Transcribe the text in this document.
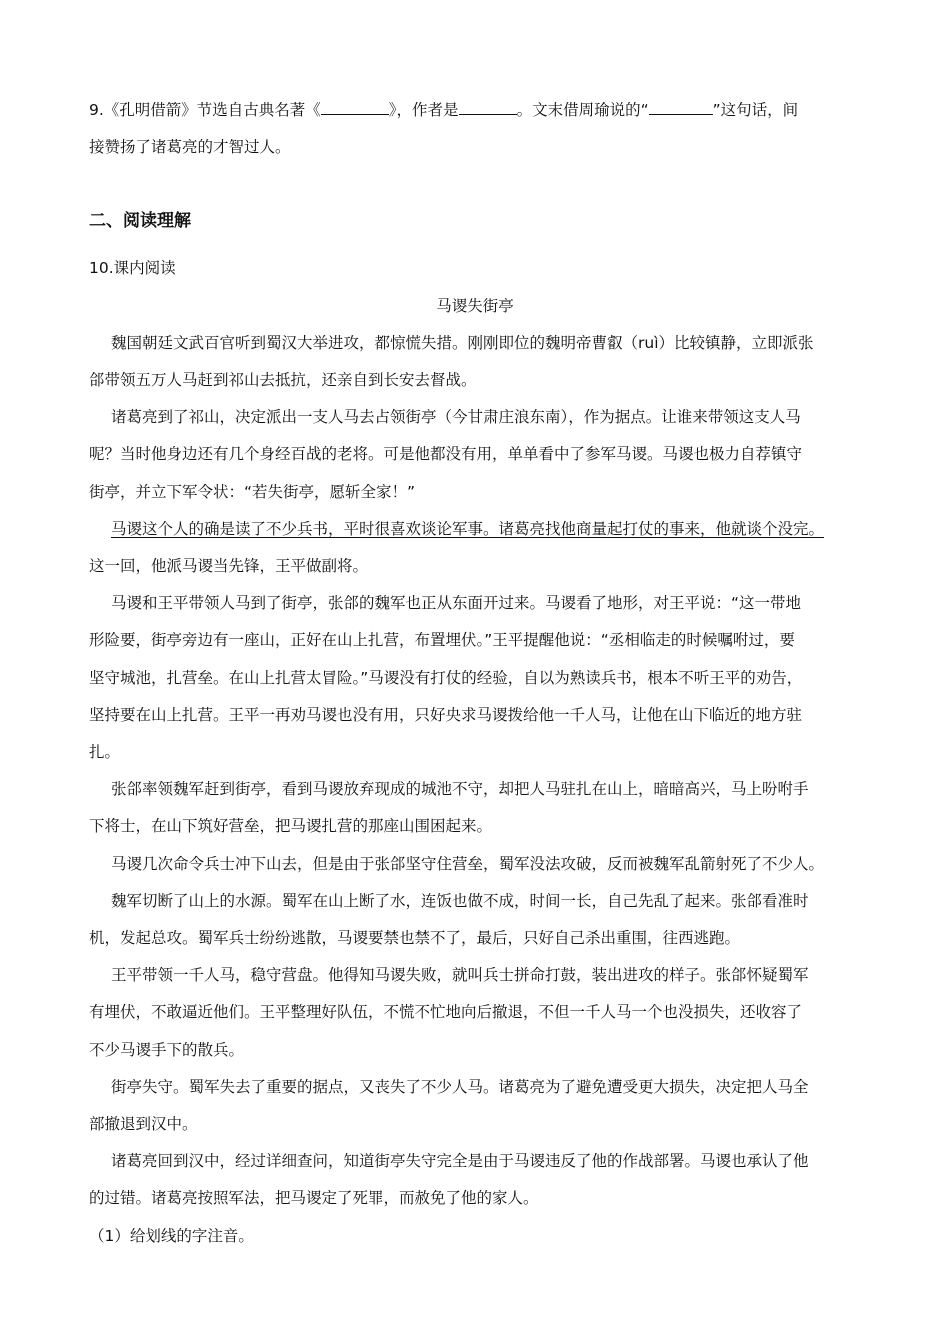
9.《孔明借箭》节选自古典名著《	》，作者是	。文末借周瑜说的“	”这句话，间
接赞扬了诸葛亮的才智过人。
二、阅读理解
10.课内阅读
马谡失街亭
魏国朝廷文武百官听到蜀汉大举进攻，都惊慌失措。刚刚即位的魏明帝曹叡（ruì）比较镇静，立即派张
郃带领五万人马赶到祁山去抵抗，还亲自到长安去督战。
诸葛亮到了祁山，决定派出一支人马去占领街亭（今甘肃庄浪东南），作为据点。让谁来带领这支人马
呢？当时他身边还有几个身经百战的老将。可是他都没有用，单单看中了参军马谡。马谡也极力自荐镇守
街亭，并立下军令状：“若失街亭，愿斩全家！”
马谡这个人的确是读了不少兵书，平时很喜欢谈论军事。诸葛亮找他商量起打仗的事来，他就谈个没完。
这一回，他派马谡当先锋，王平做副将。
马谡和王平带领人马到了街亭，张郃的魏军也正从东面开过来。马谡看了地形，对王平说：“这一带地
形险要，街亭旁边有一座山，正好在山上扎营，布置埋伏。”王平提醒他说：“丞相临走的时候嘱咐过，要
坚守城池，扎营垒。在山上扎营太冒险。”马谡没有打仗的经验，自以为熟读兵书，根本不听王平的劝告，
坚持要在山上扎营。王平一再劝马谡也没有用，只好央求马谡拨给他一千人马，让他在山下临近的地方驻
扎。
张郃率领魏军赶到街亭，看到马谡放弃现成的城池不守，却把人马驻扎在山上，暗暗高兴，马上吩咐手
下将士，在山下筑好营垒，把马谡扎营的那座山围困起来。
马谡几次命令兵士冲下山去，但是由于张郃坚守住营垒，蜀军没法攻破，反而被魏军乱箭射死了不少人。
魏军切断了山上的水源。蜀军在山上断了水，连饭也做不成，时间一长，自己先乱了起来。张郃看准时
机，发起总攻。蜀军兵士纷纷逃散，马谡要禁也禁不了，最后，只好自己杀出重围，往西逃跑。
王平带领一千人马，稳守营盘。他得知马谡失败，就叫兵士拼命打鼓，装出进攻的样子。张郃怀疑蜀军
有埋伏，不敢逼近他们。王平整理好队伍，不慌不忙地向后撤退，不但一千人马一个也没损失，还收容了
不少马谡手下的散兵。
街亭失守。蜀军失去了重要的据点，又丧失了不少人马。诸葛亮为了避免遭受更大损失，决定把人马全
部撤退到汉中。
诸葛亮回到汉中，经过详细查问，知道街亭失守完全是由于马谡违反了他的作战部署。马谡也承认了他
的过错。诸葛亮按照军法，把马谡定了死罪，而赦免了他的家人。
（1）给划线的字注音。
